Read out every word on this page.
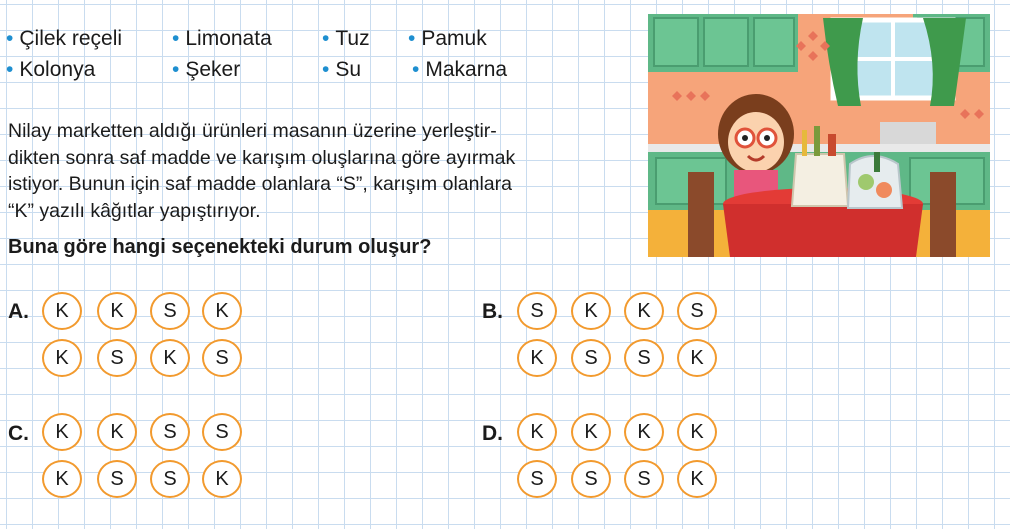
• Çilek reçeli • Limonata • Tuz • Pamuk
• Kolonya	• Şeker	• Su • Makarna

Nilay marketten aldığı ürünleri masanın üzerine yerleştir-

dikten sonra saf madde ve karışım oluşlarına göre ayırmak

istiyor. Bunun için saf madde olanlara “S”, karışım olanlara

“K” yazılı kâğıtlar yapıştırıyor.

Buna göre hangi seçenekteki durum oluşur?
A.	K	K	S	K
K	S	K	S
B.	S	K	K	S
K	S	S	K
C.	K	K	S	S
K	S	S	K
D.	K	K	K	K
S	S	S	K
